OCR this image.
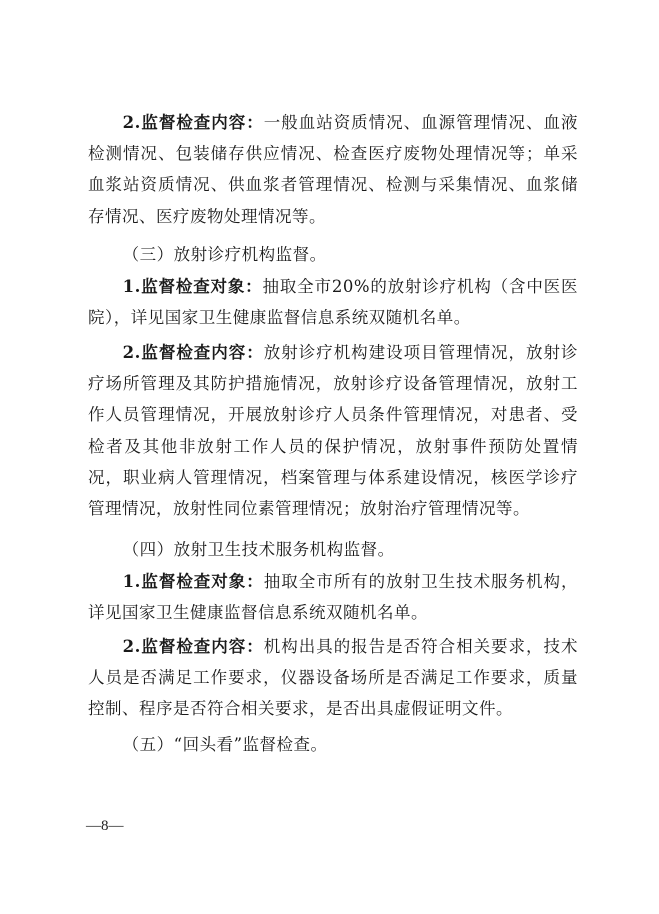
2.监督检查内容：一般血站资质情况、血源管理情况、血液检测情况、包装储存供应情况、检查医疗废物处理情况等；单采血浆站资质情况、供血浆者管理情况、检测与采集情况、血浆储存情况、医疗废物处理情况等。

（三）放射诊疗机构监督。

1.监督检查对象：抽取全市20%的放射诊疗机构（含中医医院），详见国家卫生健康监督信息系统双随机名单。

2.监督检查内容：放射诊疗机构建设项目管理情况，放射诊疗场所管理及其防护措施情况，放射诊疗设备管理情况，放射工作人员管理情况，开展放射诊疗人员条件管理情况，对患者、受检者及其他非放射工作人员的保护情况，放射事件预防处置情况，职业病人管理情况，档案管理与体系建设情况，核医学诊疗管理情况，放射性同位素管理情况；放射治疗管理情况等。

（四）放射卫生技术服务机构监督。

1.监督检查对象：抽取全市所有的放射卫生技术服务机构，详见国家卫生健康监督信息系统双随机名单。

2.监督检查内容：机构出具的报告是否符合相关要求，技术人员是否满足工作要求，仪器设备场所是否满足工作要求，质量控制、程序是否符合相关要求，是否出具虚假证明文件。

（五）“回头看”监督检查。

—8—
